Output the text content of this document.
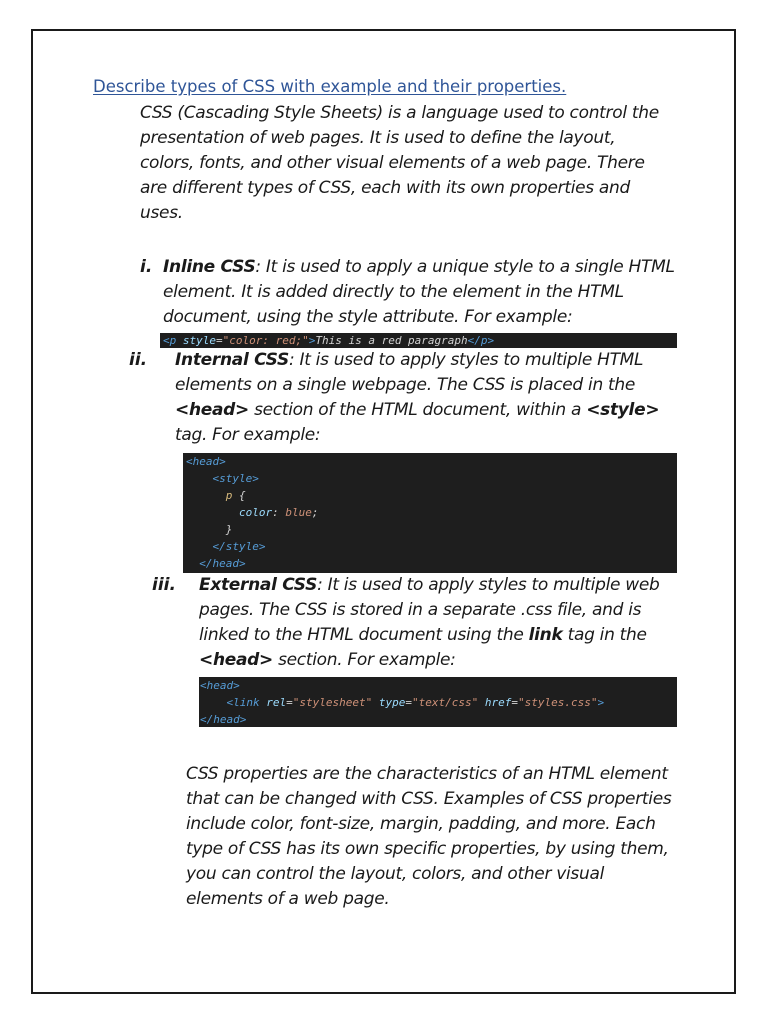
Describe types of CSS with example and their properties.
CSS (Cascading Style Sheets) is a language used to control the
presentation of web pages. It is used to define the layout,
colors, fonts, and other visual elements of a web page. There
are different types of CSS, each with its own properties and
uses.
i. Inline CSS: It is used to apply a unique style to a single HTML
element. It is added directly to the element in the HTML
document, using the style attribute. For example:
<p style="color: red;">This is a red paragraph</p>
ii. Internal CSS: It is used to apply styles to multiple HTML
elements on a single webpage. The CSS is placed in the
<head> section of the HTML document, within a <style>
tag. For example:
<head>
<style>
p {
color: blue;
}
</style>
</head>
iii. External CSS: It is used to apply styles to multiple web
pages. The CSS is stored in a separate .css file, and is
linked to the HTML document using the link tag in the
<head> section. For example:
<head>
<link rel="stylesheet" type="text/css" href="styles.css">
</head>
CSS properties are the characteristics of an HTML element
that can be changed with CSS. Examples of CSS properties
include color, font-size, margin, padding, and more. Each
type of CSS has its own specific properties, by using them,
you can control the layout, colors, and other visual
elements of a web page.
